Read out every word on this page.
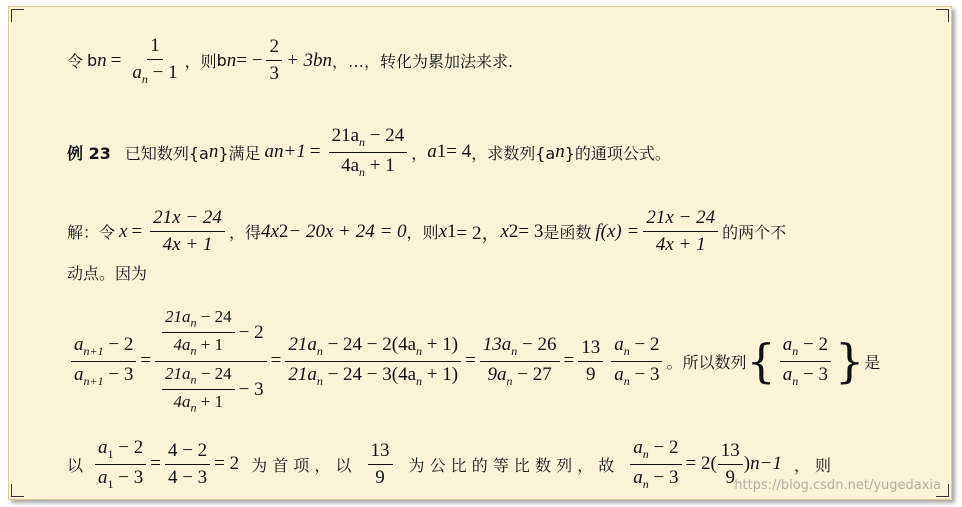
令 b $n = \frac{1}{a_n - 1}$ ，则 b n = − $\frac{2}{3} + 3b$ n ，…，转化为累加法来求.
例 23 已知数列{a n }满足 a $n+1 = \frac{21a_n - 24}{4a_n + 1}$ ， a 1 = 4 ，求数列{a n }的通项公式。
解：令 $x = \frac{21x - 24}{4x + 1}$ ，得 4x 2 − 20x + 24 = 0 ，则 x 1 = 2， x 2 = 3 是函数 $f(x) = \frac{21x - 24}{4x + 1}$ 的两个不
动点。因为
$\frac{a_{n+1} - 2}{a_{n+1} - 3} = \frac{\frac{21a_n - 24}{4a_n + 1} - 2}{\frac{21a_n - 24}{4a_n + 1} - 3} = \frac{21a_n - 24 - 2(4a_n + 1)}{21a_n - 24 - 3(4a_n + 1)} = \frac{13a_n - 26}{9a_n - 27} = \frac{13}{9} \frac{a_n - 2}{a_n - 3}$ 。所以数列 { $\frac{a_n - 2}{a_n - 3}$ } 是
以 $\frac{a_1 - 2}{a_1 - 3} = \frac{4 - 2}{4 - 3} = 2$ 为 首 项 ， 以 $\frac{13}{9}$ 为 公 比 的 等 比 数 列 ， 故 $\frac{a_n - 2}{a_n - 3} = 2( \frac{13}{9}$ ) n−1 ， 则
https://blog.csdn.net/yugedaxia
